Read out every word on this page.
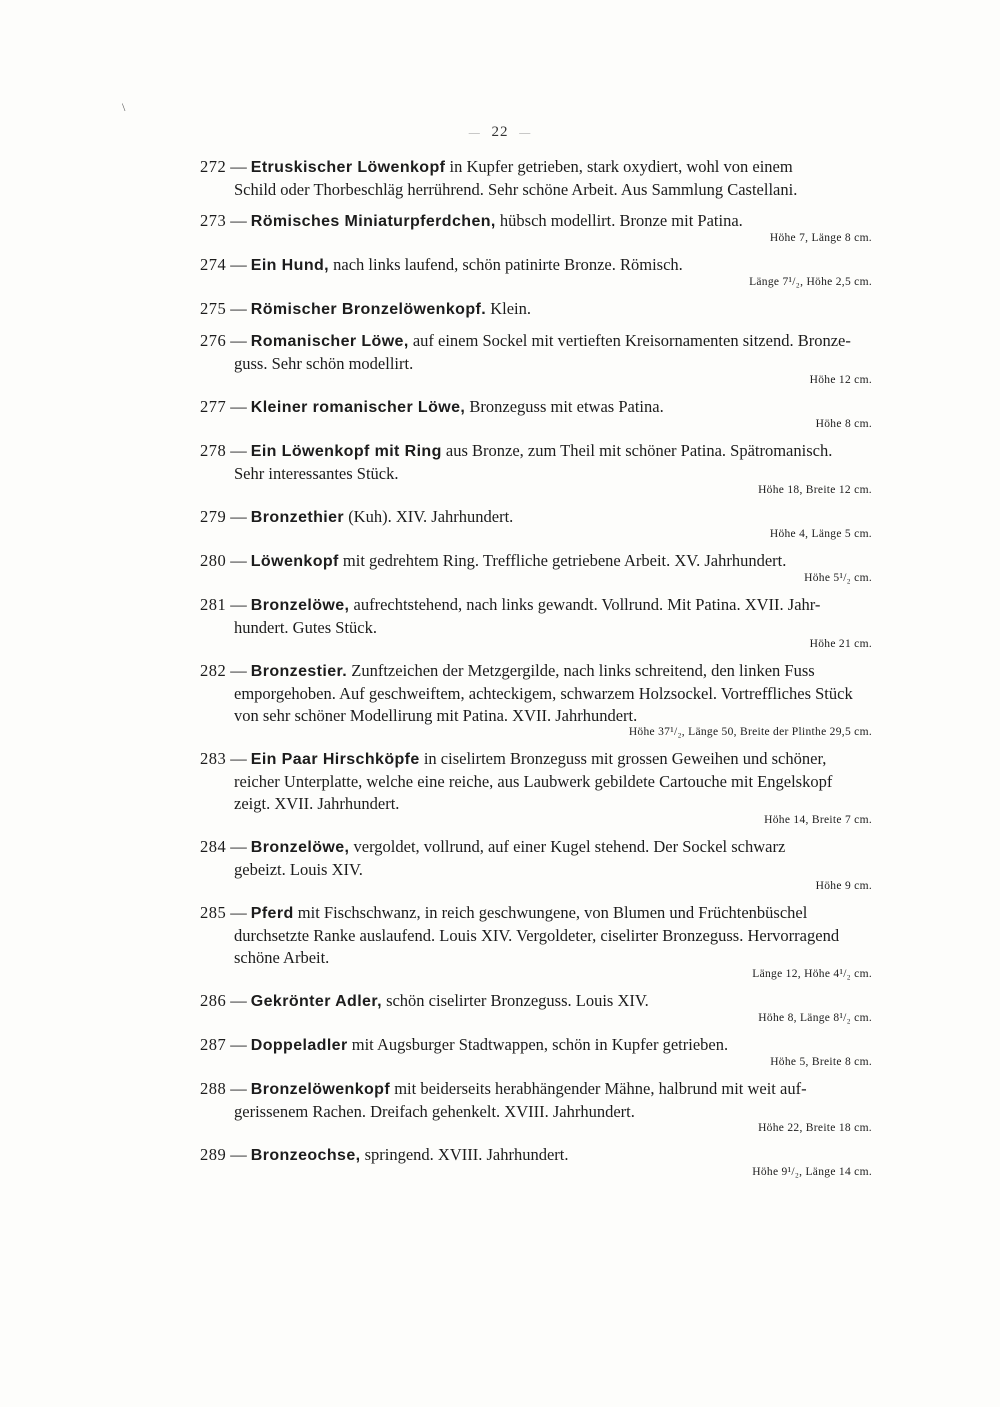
\
— 22 —
272 — Etruskischer Löwenkopf in Kupfer getrieben, stark oxydiert, wohl von einem
Schild oder Thorbeschläg herrührend. Sehr schöne Arbeit. Aus Sammlung Castellani.
273 — Römisches Miniaturpferdchen, hübsch modellirt. Bronze mit Patina.
Höhe 7, Länge 8 cm.
274 — Ein Hund, nach links laufend, schön patinirte Bronze. Römisch.
Länge 7¹/₂, Höhe 2,5 cm.
275 — Römischer Bronzelöwenkopf. Klein.
276 — Romanischer Löwe, auf einem Sockel mit vertieften Kreisornamenten sitzend. Bronze-
guss. Sehr schön modellirt.
Höhe 12 cm.
277 — Kleiner romanischer Löwe, Bronzeguss mit etwas Patina.
Höhe 8 cm.
278 — Ein Löwenkopf mit Ring aus Bronze, zum Theil mit schöner Patina. Spätromanisch.
Sehr interessantes Stück.
Höhe 18, Breite 12 cm.
279 — Bronzethier (Kuh). XIV. Jahrhundert.
Höhe 4, Länge 5 cm.
280 — Löwenkopf mit gedrehtem Ring. Treffliche getriebene Arbeit. XV. Jahrhundert.
Höhe 5¹/₂ cm.
281 — Bronzelöwe, aufrechtstehend, nach links gewandt. Vollrund. Mit Patina. XVII. Jahr-
hundert. Gutes Stück.
Höhe 21 cm.
282 — Bronzestier. Zunftzeichen der Metzgergilde, nach links schreitend, den linken Fuss
emporgehoben. Auf geschweiftem, achteckigem, schwarzem Holzsockel. Vortreffliches Stück
von sehr schöner Modellirung mit Patina. XVII. Jahrhundert.
Höhe 37¹/₂, Länge 50, Breite der Plinthe 29,5 cm.
283 — Ein Paar Hirschköpfe in ciselirtem Bronzeguss mit grossen Geweihen und schöner,
reicher Unterplatte, welche eine reiche, aus Laubwerk gebildete Cartouche mit Engelskopf
zeigt. XVII. Jahrhundert.
Höhe 14, Breite 7 cm.
284 — Bronzelöwe, vergoldet, vollrund, auf einer Kugel stehend. Der Sockel schwarz
gebeizt. Louis XIV.
Höhe 9 cm.
285 — Pferd mit Fischschwanz, in reich geschwungene, von Blumen und Früchtenbüschel
durchsetzte Ranke auslaufend. Louis XIV. Vergoldeter, ciselirter Bronzeguss. Hervorragend
schöne Arbeit.
Länge 12, Höhe 4¹/₂ cm.
286 — Gekrönter Adler, schön ciselirter Bronzeguss. Louis XIV.
Höhe 8, Länge 8¹/₂ cm.
287 — Doppeladler mit Augsburger Stadtwappen, schön in Kupfer getrieben.
Höhe 5, Breite 8 cm.
288 — Bronzelöwenkopf mit beiderseits herabhängender Mähne, halbrund mit weit auf-
gerissenem Rachen. Dreifach gehenkelt. XVIII. Jahrhundert.
Höhe 22, Breite 18 cm.
289 — Bronzeochse, springend. XVIII. Jahrhundert.
Höhe 9¹/₂, Länge 14 cm.
